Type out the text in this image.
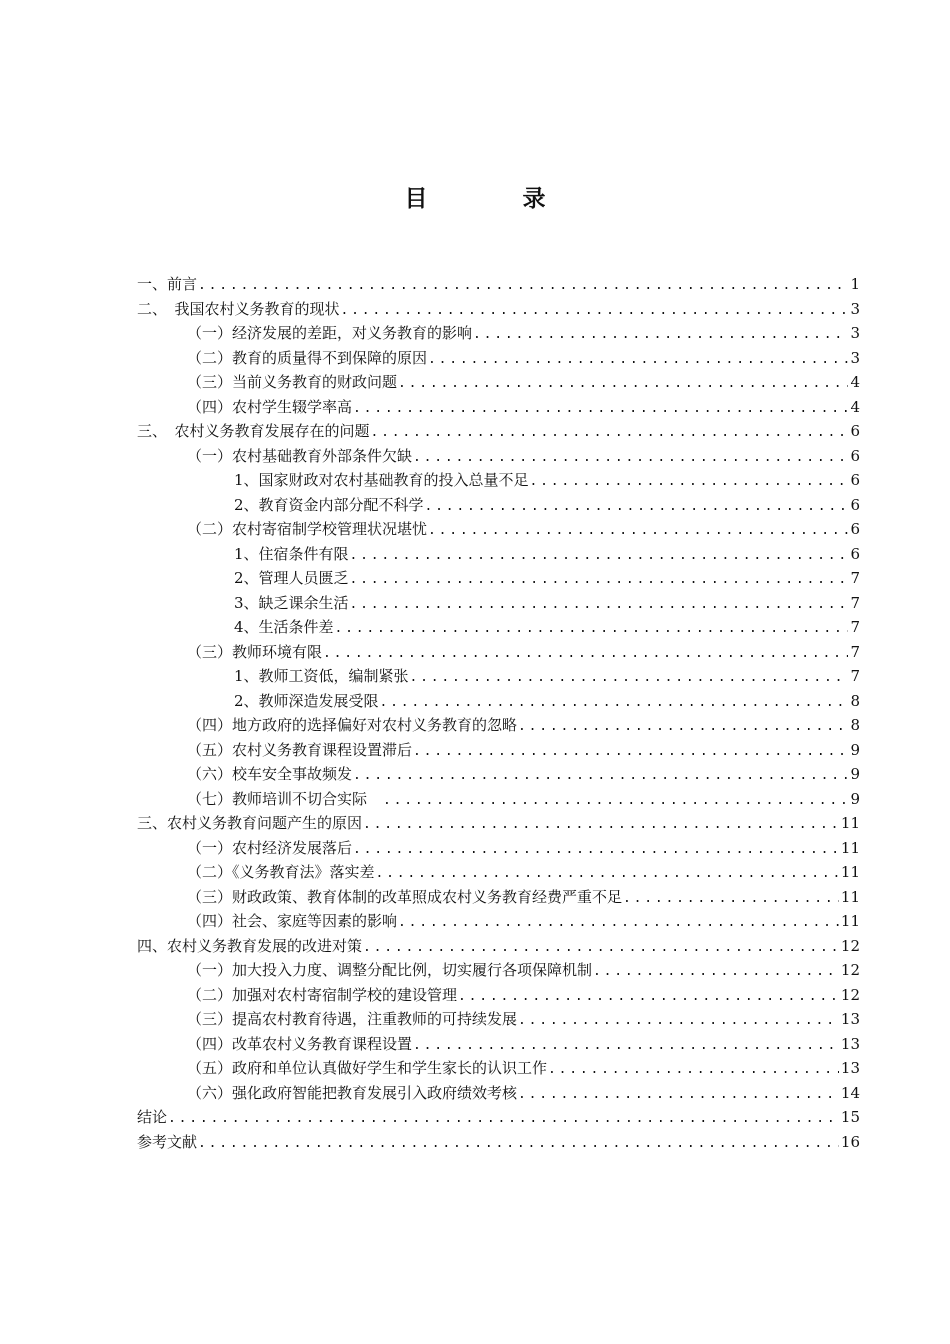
目　录
一、前言 .....	1
二、　我国农村义务教育的现状 .....	3
（一）经济发展的差距，对义务教育的影响 .....	3
（二）教育的质量得不到保障的原因 .....	3
（三）当前义务教育的财政问题 .....	4
（四）农村学生辍学率高 .....	4
三、　农村义务教育发展存在的问题 .....	6
（一）农村基础教育外部条件欠缺 .....	6
1、国家财政对农村基础教育的投入总量不足 .....	6
2、教育资金内部分配不科学 .....	6
（二）农村寄宿制学校管理状况堪忧 .....	6
1、住宿条件有限 .....	6
2、管理人员匮乏 .....	7
3、缺乏课余生活 .....	7
4、生活条件差 .....	7
（三）教师环境有限 .....	7
1、教师工资低，编制紧张 .....	7
2、教师深造发展受限 .....	8
（四）地方政府的选择偏好对农村义务教育的忽略 .....	8
（五）农村义务教育课程设置滞后 .....	9
（六）校车安全事故频发 .....	9
（七）教师培训不切合实际　 .....	9
三、农村义务教育问题产生的原因 .....	11
（一）农村经济发展落后 .....	11
（二）《义务教育法》落实差 .....	11
（三）财政政策、教育体制的改革照成农村义务教育经费严重不足 .....	11
（四）社会、家庭等因素的影响 .....	11
四、农村义务教育发展的改进对策 .....	12
（一）加大投入力度、调整分配比例，切实履行各项保障机制 .....	12
（二）加强对农村寄宿制学校的建设管理 .....	12
（三）提高农村教育待遇，注重教师的可持续发展 .....	13
（四）改革农村义务教育课程设置 .....	13
（五）政府和单位认真做好学生和学生家长的认识工作 .....	13
（六）强化政府智能把教育发展引入政府绩效考核 .....	14
结论 .....	15
参考文献 .....	16
